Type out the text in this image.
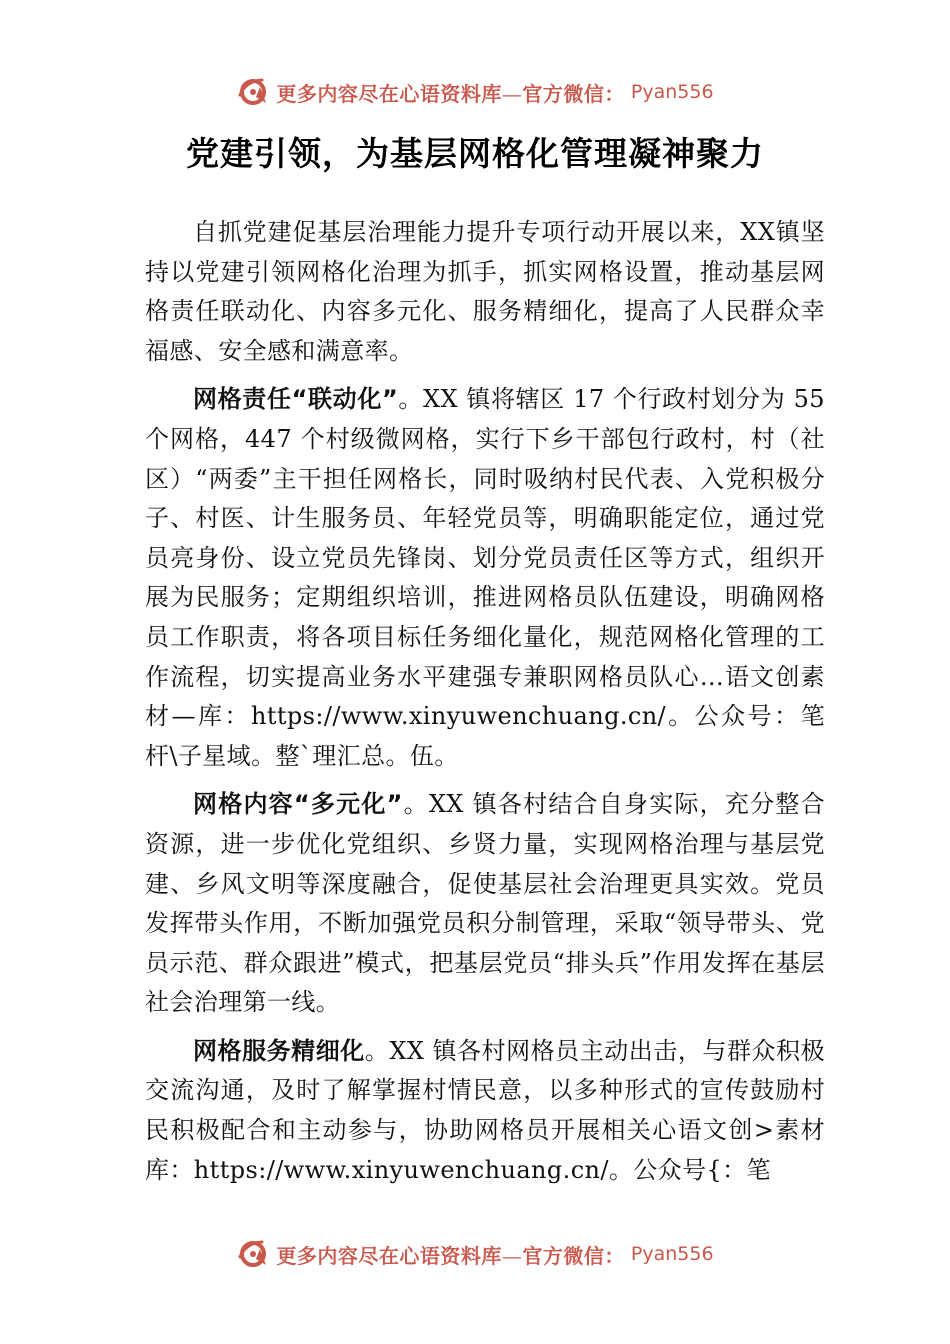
更多内容尽在心语资料库—官方微信： Pyan556
党建引领，为基层网格化管理凝神聚力

自抓党建促基层治理能力提升专项行动开展以来，XX镇坚持以党建引领网格化治理为抓手，抓实网格设置，推动基层网格责任联动化、内容多元化、服务精细化，提高了人民群众幸福感、安全感和满意率。

网格责任“联动化”。XX 镇将辖区 17 个行政村划分为 55 个网格，447 个村级微网格，实行下乡干部包行政村，村（社区）“两委”主干担任网格长，同时吸纳村民代表、入党积极分子、村医、计生服务员、年轻党员等，明确职能定位，通过党员亮身份、设立党员先锋岗、划分党员责任区等方式，组织开展为民服务；定期组织培训，推进网格员队伍建设，明确网格员工作职责，将各项目标任务细化量化，规范网格化管理的工作流程，切实提高业务水平建强专兼职网格员队心…语文创素材—库：https://www.xinyuwenchuang.cn/。公众号：笔杆\子星域。整`理汇总。伍。

网格内容“多元化”。XX 镇各村结合自身实际，充分整合资源，进一步优化党组织、乡贤力量，实现网格治理与基层党建、乡风文明等深度融合，促使基层社会治理更具实效。党员发挥带头作用，不断加强党员积分制管理，采取“领导带头、党员示范、群众跟进”模式，把基层党员“排头兵”作用发挥在基层社会治理第一线。

网格服务精细化。XX 镇各村网格员主动出击，与群众积极交流沟通，及时了解掌握村情民意，以多种形式的宣传鼓励村民积极配合和主动参与，协助网格员开展相关心语文创>素材库：https://www.xinyuwenchuang.cn/。公众号{：笔

更多内容尽在心语资料库—官方微信： Pyan556
